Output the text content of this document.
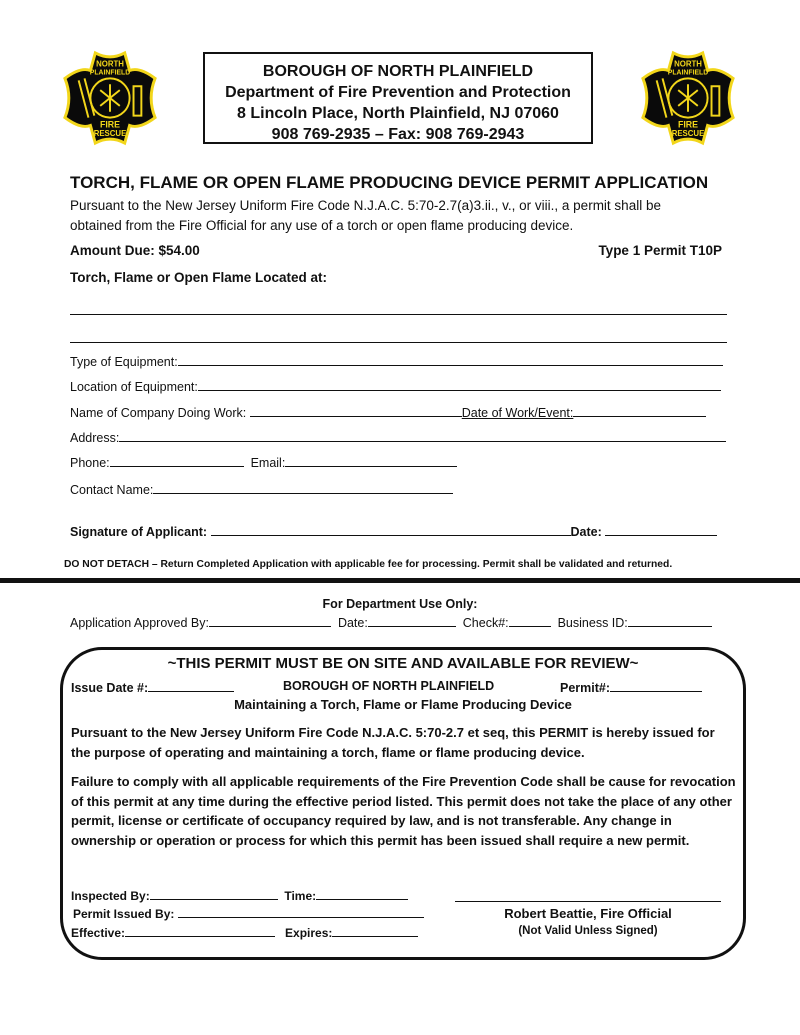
NORTH
PLAINFIELD
FIRE
RESCUE
NORTH
PLAINFIELD
FIRE
RESCUE
BOROUGH OF NORTH PLAINFIELD
Department of Fire Prevention and Protection
8 Lincoln Place, North Plainfield, NJ 07060
908 769-2935 – Fax: 908 769-2943
TORCH, FLAME OR OPEN FLAME PRODUCING DEVICE PERMIT APPLICATION
Pursuant to the New Jersey Uniform Fire Code N.J.A.C. 5:70-2.7(a)3.ii., v., or viii., a permit shall be obtained from the Fire Official for any use of a torch or open flame producing device.
Amount Due: $54.00	Type 1 Permit T10P
Torch, Flame or Open Flame Located at:
Type of Equipment:
Location of Equipment:
Name of Company Doing Work:	Date of Work/Event:
Address:
Phone:	Email:
Contact Name:
Signature of Applicant:	Date:
DO NOT DETACH – Return Completed Application with applicable fee for processing. Permit shall be validated and returned.
For Department Use Only:
Application Approved By:	Date:	Check#:	Business ID:
~THIS PERMIT MUST BE ON SITE AND AVAILABLE FOR REVIEW~
Issue Date #:	BOROUGH OF NORTH PLAINFIELD	Permit#:
Maintaining a Torch, Flame or Flame Producing Device
Pursuant to the New Jersey Uniform Fire Code N.J.A.C. 5:70-2.7 et seq, this PERMIT is hereby issued for the purpose of operating and maintaining a torch, flame or flame producing device.
Failure to comply with all applicable requirements of the Fire Prevention Code shall be cause for revocation of this permit at any time during the effective period listed. This permit does not take the place of any other permit, license or certificate of occupancy required by law, and is not transferable. Any change in ownership or operation or process for which this permit has been issued shall require a new permit.
Inspected By:	Time:
Permit Issued By:
Effective:	Expires:
Robert Beattie, Fire Official
(Not Valid Unless Signed)
